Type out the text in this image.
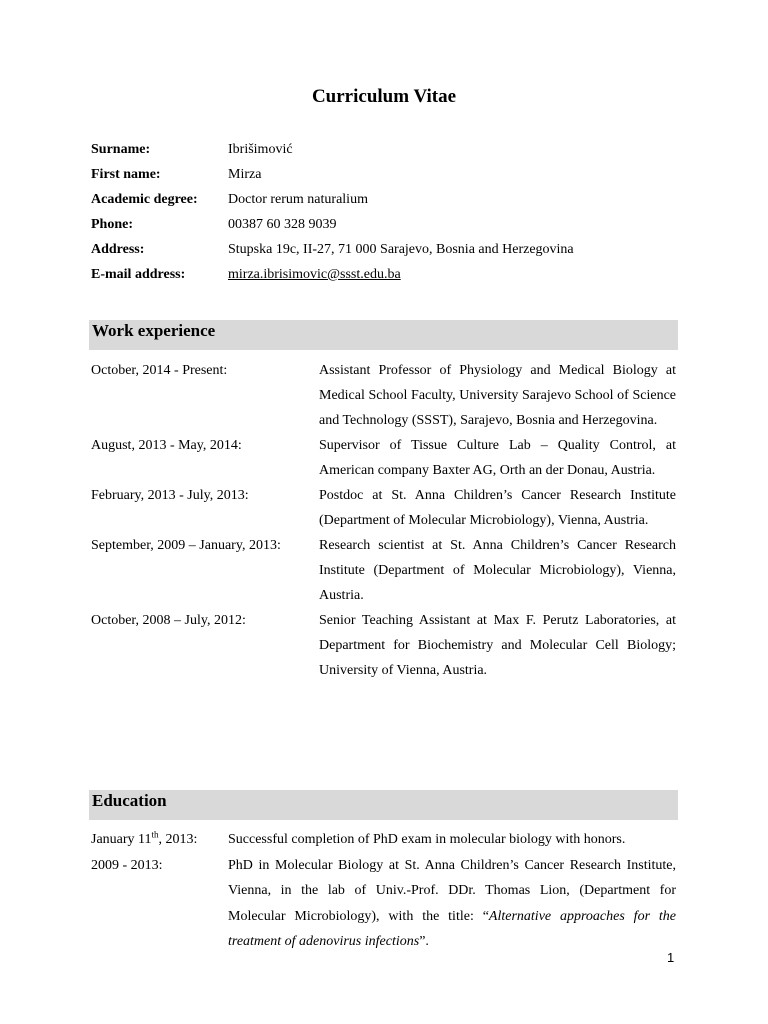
Curriculum Vitae
Surname:	Ibrišimović
First name:	Mirza
Academic degree:	Doctor rerum naturalium
Phone:	00387 60 328 9039
Address:	Stupska 19c, II-27, 71 000 Sarajevo, Bosnia and Herzegovina
E-mail address:	mirza.ibrisimovic@ssst.edu.ba
Work experience
October, 2014 - Present:	Assistant Professor of Physiology and Medical Biology at Medical School Faculty, University Sarajevo School of Science and Technology (SSST), Sarajevo, Bosnia and Herzegovina.
August, 2013 - May, 2014:	Supervisor of Tissue Culture Lab – Quality Control, at American company Baxter AG, Orth an der Donau, Austria.
February, 2013 - July, 2013:	Postdoc at St. Anna Children’s Cancer Research Institute (Department of Molecular Microbiology), Vienna, Austria.
September, 2009 – January, 2013:	Research scientist at St. Anna Children’s Cancer Research Institute (Department of Molecular Microbiology), Vienna, Austria.
October, 2008 – July, 2012:	Senior Teaching Assistant at Max F. Perutz Laboratories, at Department for Biochemistry and Molecular Cell Biology; University of Vienna, Austria.
Education
January 11th, 2013:	Successful completion of PhD exam in molecular biology with honors.
2009 - 2013:	PhD in Molecular Biology at St. Anna Children’s Cancer Research Institute, Vienna, in the lab of Univ.-Prof. DDr. Thomas Lion, (Department for Molecular Microbiology), with the title: “Alternative approaches for the treatment of adenovirus infections”.
1
